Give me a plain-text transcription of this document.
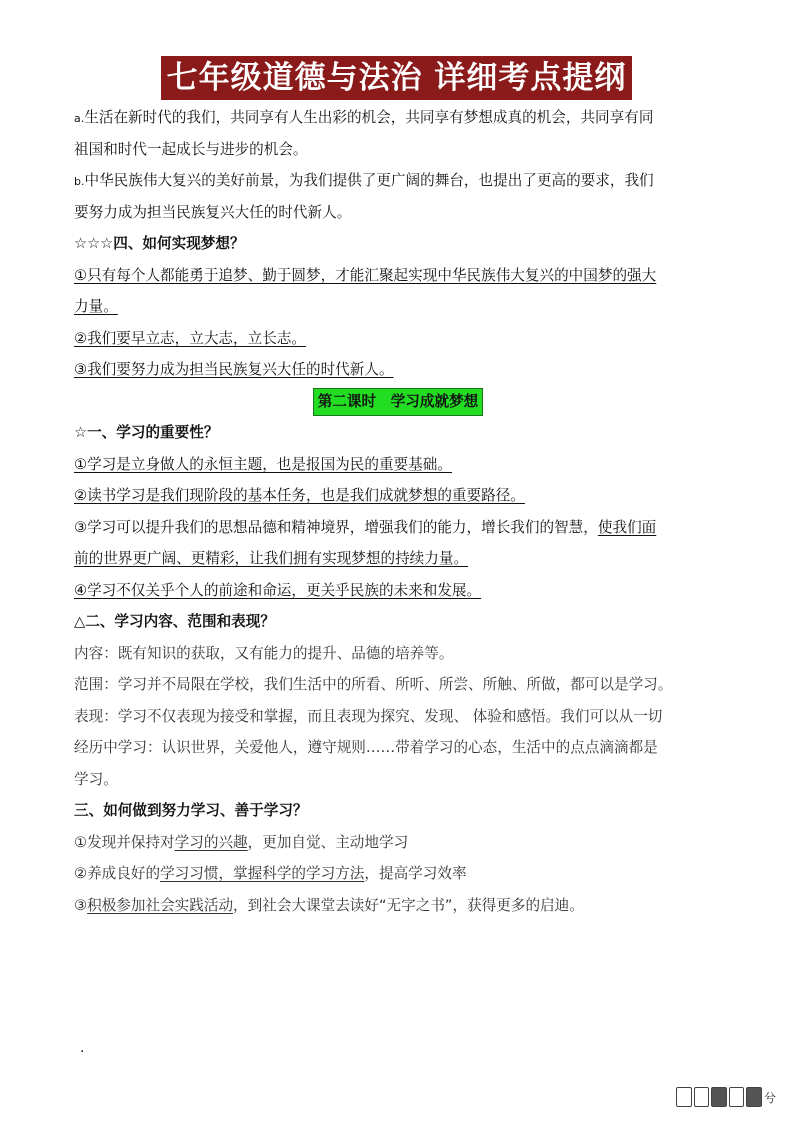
七年级道德与法治 详细考点提纲
a.生活在新时代的我们，共同享有人生出彩的机会，共同享有梦想成真的机会，共同享有同
祖国和时代一起成长与进步的机会。
b.中华民族伟大复兴的美好前景，为我们提供了更广阔的舞台，也提出了更高的要求，我们
要努力成为担当民族复兴大任的时代新人。
☆☆☆四、如何实现梦想？
①只有每个人都能勇于追梦、勤于圆梦，才能汇聚起实现中华民族伟大复兴的中国梦的强大
力量。
②我们要早立志，立大志，立长志。
③我们要努力成为担当民族复兴大任的时代新人。
第二课时　学习成就梦想
☆一、学习的重要性？
①学习是立身做人的永恒主题，也是报国为民的重要基础。
②读书学习是我们现阶段的基本任务，也是我们成就梦想的重要路径。
③学习可以提升我们的思想品德和精神境界，增强我们的能力，增长我们的智慧，使我们面
前的世界更广阔、更精彩，让我们拥有实现梦想的持续力量。
④学习不仅关乎个人的前途和命运，更关乎民族的未来和发展。
△二、学习内容、范围和表现？
内容：既有知识的获取，又有能力的提升、品德的培养等。
范围：学习并不局限在学校，我们生活中的所看、所听、所尝、所触、所做，都可以是学习。
表现：学习不仅表现为接受和掌握，而且表现为探究、发现、 体验和感悟。我们可以从一切
经历中学习：认识世界，关爱他人，遵守规则……带着学习的心态，生活中的点点滴滴都是
学习。
三、如何做到努力学习、善于学习？
①发现并保持对学习的兴趣，更加自觉、主动地学习
②养成良好的学习习惯，掌握科学的学习方法，提高学习效率
③积极参加社会实践活动，到社会大课堂去读好“无字之书”，获得更多的启迪。
.
兮
